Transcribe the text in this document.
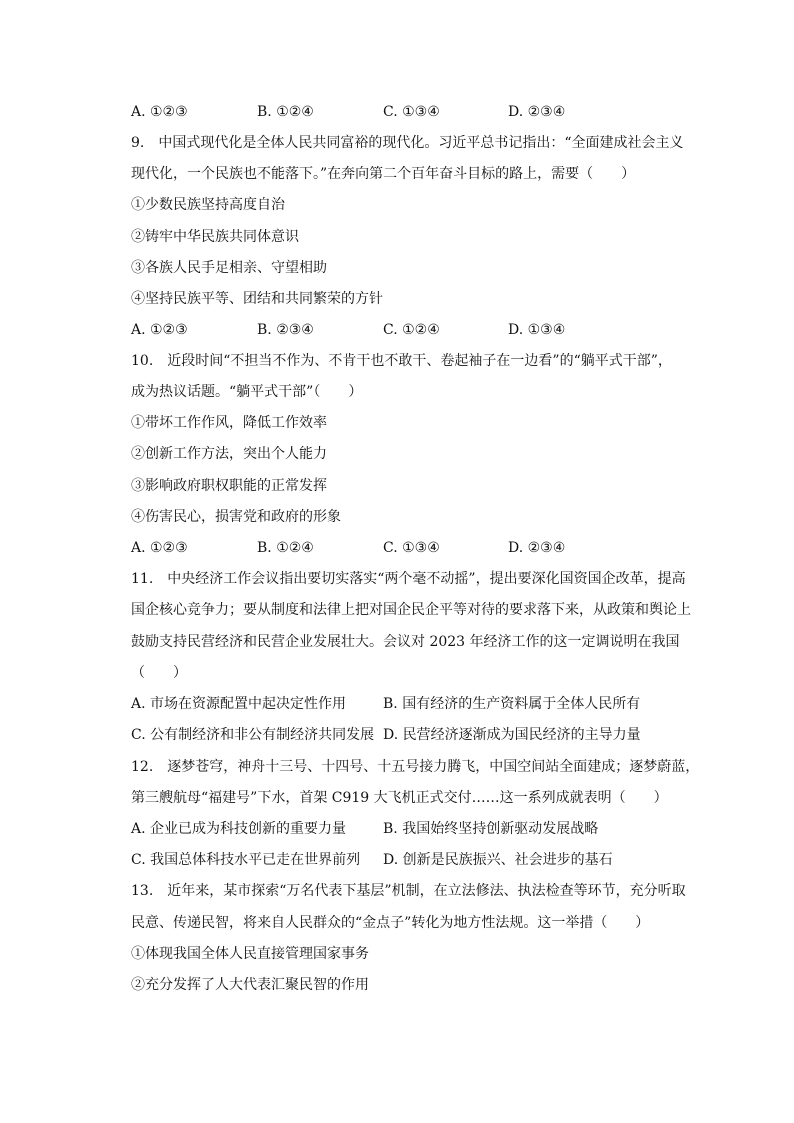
A. ①②③	B. ①②④	C. ①③④	D. ②③④
9.　中国式现代化是全体人民共同富裕的现代化。习近平总书记指出：“全面建成社会主义
现代化，一个民族也不能落下。”在奔向第二个百年奋斗目标的路上，需要（　　）
①少数民族坚持高度自治
②铸牢中华民族共同体意识
③各族人民手足相亲、守望相助
④坚持民族平等、团结和共同繁荣的方针
A. ①②③	B. ②③④	C. ①②④	D. ①③④
10.　近段时间“不担当不作为、不肯干也不敢干、卷起袖子在一边看”的“躺平式干部”，
成为热议话题。“躺平式干部”（　　）
①带坏工作作风，降低工作效率
②创新工作方法，突出个人能力
③影响政府职权职能的正常发挥
④伤害民心，损害党和政府的形象
A. ①②③	B. ①②④	C. ①③④	D. ②③④
11.　中央经济工作会议指出要切实落实“两个毫不动摇”，提出要深化国资国企改革，提高
国企核心竞争力；要从制度和法律上把对国企民企平等对待的要求落下来，从政策和舆论上
鼓励支持民营经济和民营企业发展壮大。会议对 2023 年经济工作的这一定调说明在我国
（　　）
A. 市场在资源配置中起决定性作用	B. 国有经济的生产资料属于全体人民所有
C. 公有制经济和非公有制经济共同发展 D. 民营经济逐渐成为国民经济的主导力量
12.　逐梦苍穹，神舟十三号、十四号、十五号接力腾飞，中国空间站全面建成；逐梦蔚蓝，
第三艘航母“福建号”下水，首架 C919 大飞机正式交付……这一系列成就表明（　　）
A. 企业已成为科技创新的重要力量	B. 我国始终坚持创新驱动发展战略
C. 我国总体科技水平已走在世界前列 D. 创新是民族振兴、社会进步的基石
13.　近年来，某市探索“万名代表下基层”机制，在立法修法、执法检查等环节，充分听取
民意、传递民智，将来自人民群众的“金点子”转化为地方性法规。这一举措（　　）
①体现我国全体人民直接管理国家事务
②充分发挥了人大代表汇聚民智的作用
